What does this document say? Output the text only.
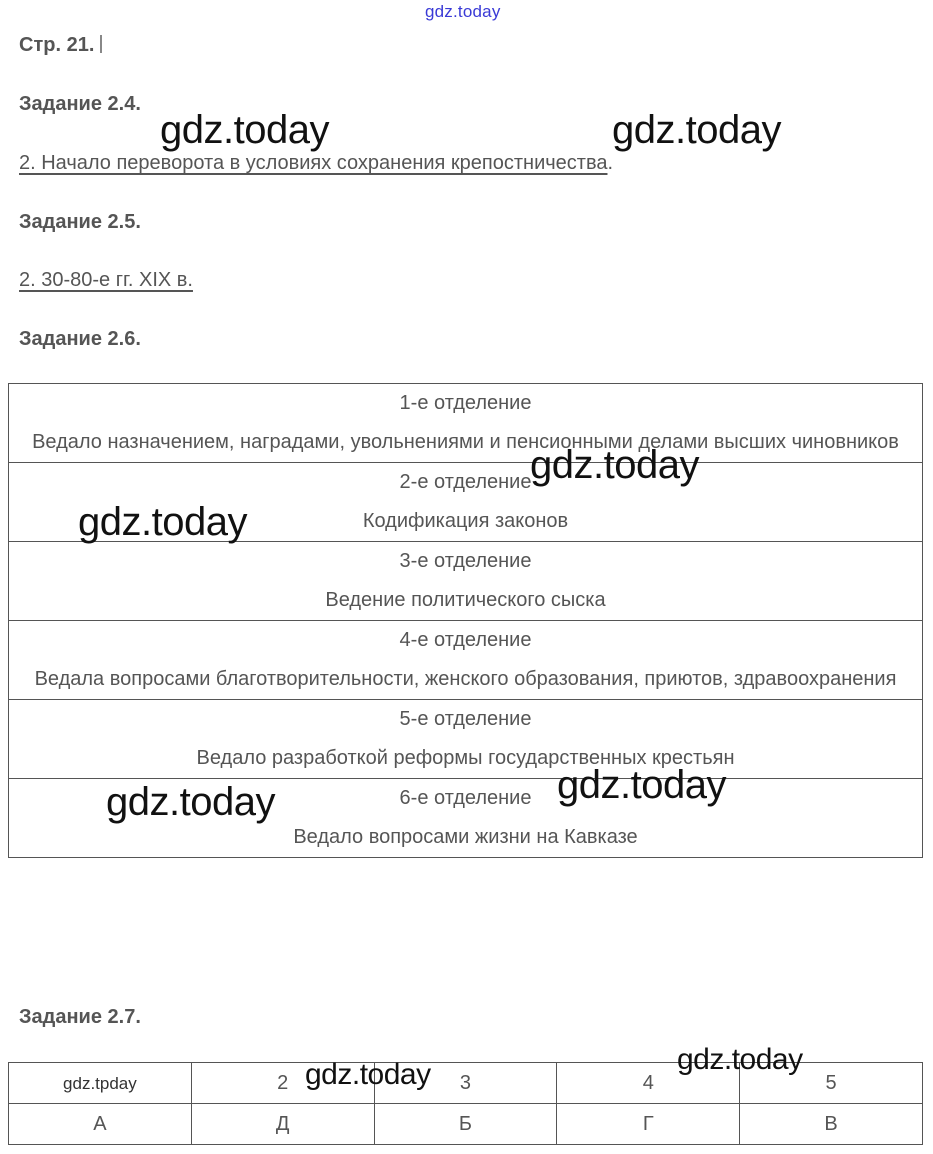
gdz.today
Стр. 21.
Задание 2.4.
2. Начало переворота в условиях сохранения крепостничества.
Задание 2.5.
2. 30-80-е гг. XIX в.
Задание 2.6.
1-е отделение
Ведало назначением, наградами, увольнениями и пенсионными делами высших чиновников

2-е отделение
Кодификация законов

3-е отделение
Ведение политического сыска

4-е отделение
Ведала вопросами благотворительности, женского образования, приютов, здравоохранения

5-е отделение
Ведало разработкой реформы государственных крестьян

6-е отделение
Ведало вопросами жизни на Кавказе
Задание 2.7.
gdz.tpday	2	3	4	5
А	Д	Б	Г	В
gdz.today	gdz.today
gdz.today
gdz.today
gdz.today
gdz.today
gdz.today	gdz.today
